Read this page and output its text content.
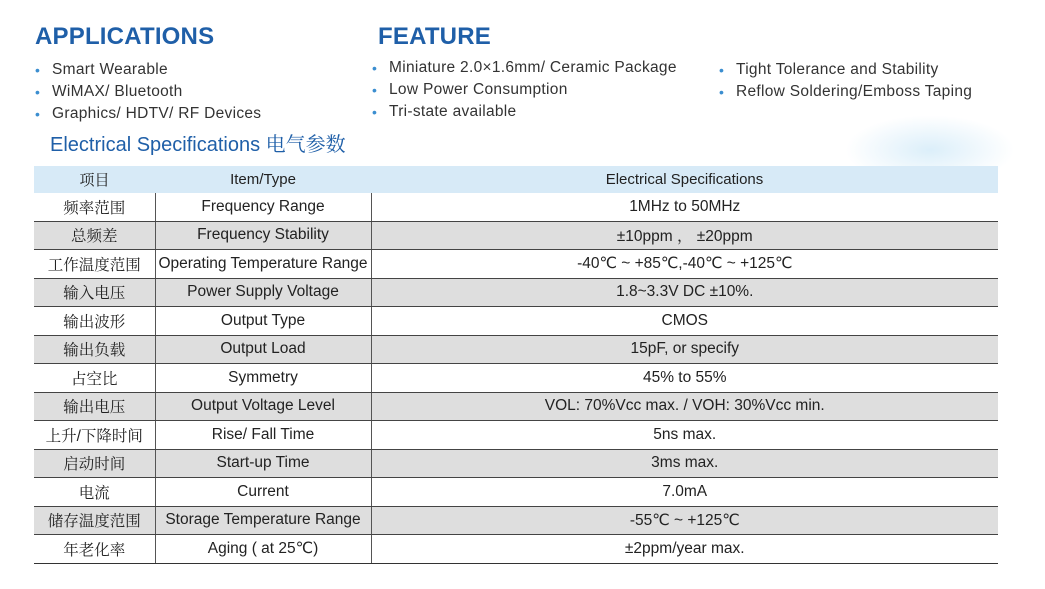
APPLICATIONS	FEATURE
• Smart Wearable
• WiMAX/ Bluetooth
• Graphics/ HDTV/ RF Devices
• Miniature 2.0×1.6mm/ Ceramic Package
• Low Power Consumption
• Tri-state available
• Tight Tolerance and Stability
• Reflow Soldering/Emboss Taping
Electrical Specifications 电气参数
项目	Item/Type	Electrical Specifications
频率范围	Frequency Range	1MHz to 50MHz
总频差	Frequency Stability	±10ppm ， ±20ppm
工作温度范围	Operating Temperature Range	-40℃ ~ +85℃,-40℃ ~ +125℃
输入电压	Power Supply Voltage	1.8~3.3V DC ±10%.
输出波形	Output Type	CMOS
输出负载	Output Load	15pF, or specify
占空比	Symmetry	45% to 55%
输出电压	Output Voltage Level	VOL: 70%Vcc max. / VOH: 30%Vcc min.
上升/下降时间	Rise/ Fall Time	5ns max.
启动时间	Start-up Time	3ms max.
电流	Current	7.0mA
储存温度范围	Storage Temperature Range	-55℃ ~ +125℃
年老化率	Aging ( at 25℃)	±2ppm/year max.
